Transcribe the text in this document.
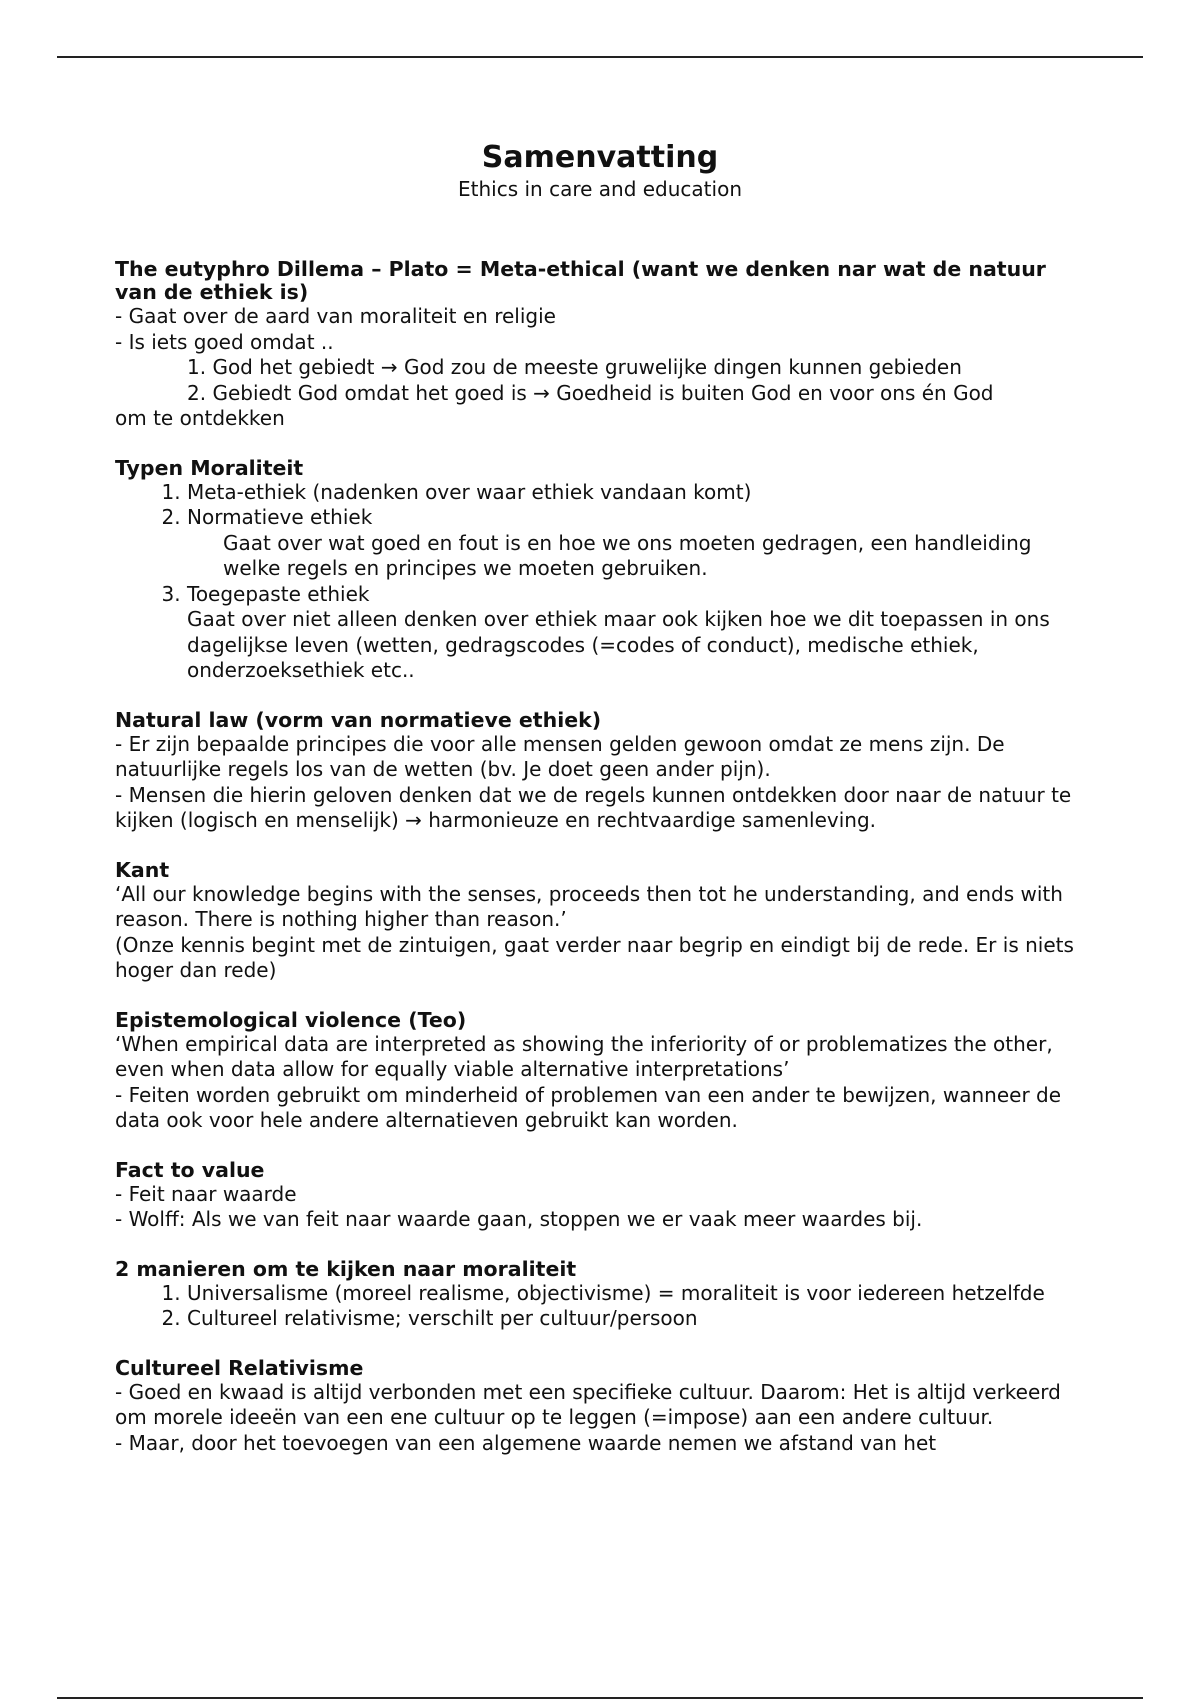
Samenvatting

Ethics in care and education

The eutyphro Dillema – Plato = Meta-ethical (want we denken nar wat de natuur van de ethiek is)

- Gaat over de aard van moraliteit en religie

- Is iets goed omdat ..

1. God het gebiedt → God zou de meeste gruwelijke dingen kunnen gebieden

2. Gebiedt God omdat het goed is → Goedheid is buiten God en voor ons én God

om te ontdekken

Typen Moraliteit
1. Meta-ethiek (nadenken over waar ethiek vandaan komt)
2. Normatieve ethiek

Gaat over wat goed en fout is en hoe we ons moeten gedragen, een handleiding welke regels en principes we moeten gebruiken.

3. Toegepaste ethiek

Gaat over niet alleen denken over ethiek maar ook kijken hoe we dit toepassen in ons dagelijkse leven (wetten, gedragscodes (=codes of conduct), medische ethiek, onderzoeksethiek etc..

Natural law (vorm van normatieve ethiek)

- Er zijn bepaalde principes die voor alle mensen gelden gewoon omdat ze mens zijn. De natuurlijke regels los van de wetten (bv. Je doet geen ander pijn).

- Mensen die hierin geloven denken dat we de regels kunnen ontdekken door naar de natuur te kijken (logisch en menselijk) → harmonieuze en rechtvaardige samenleving.

Kant

‘All our knowledge begins with the senses, proceeds then tot he understanding, and ends with reason. There is nothing higher than reason.’

(Onze kennis begint met de zintuigen, gaat verder naar begrip en eindigt bij de rede. Er is niets hoger dan rede)

Epistemological violence (Teo)

‘When empirical data are interpreted as showing the inferiority of or problematizes the other, even when data allow for equally viable alternative interpretations’

- Feiten worden gebruikt om minderheid of problemen van een ander te bewijzen, wanneer de data ook voor hele andere alternatieven gebruikt kan worden.

Fact to value

- Feit naar waarde

- Wolff: Als we van feit naar waarde gaan, stoppen we er vaak meer waardes bij.

2 manieren om te kijken naar moraliteit
1. Universalisme (moreel realisme, objectivisme) = moraliteit is voor iedereen hetzelfde
2. Cultureel relativisme; verschilt per cultuur/persoon
Cultureel Relativisme

- Goed en kwaad is altijd verbonden met een specifieke cultuur. Daarom: Het is altijd verkeerd om morele ideeën van een ene cultuur op te leggen (=impose) aan een andere cultuur.

- Maar, door het toevoegen van een algemene waarde nemen we afstand van het
